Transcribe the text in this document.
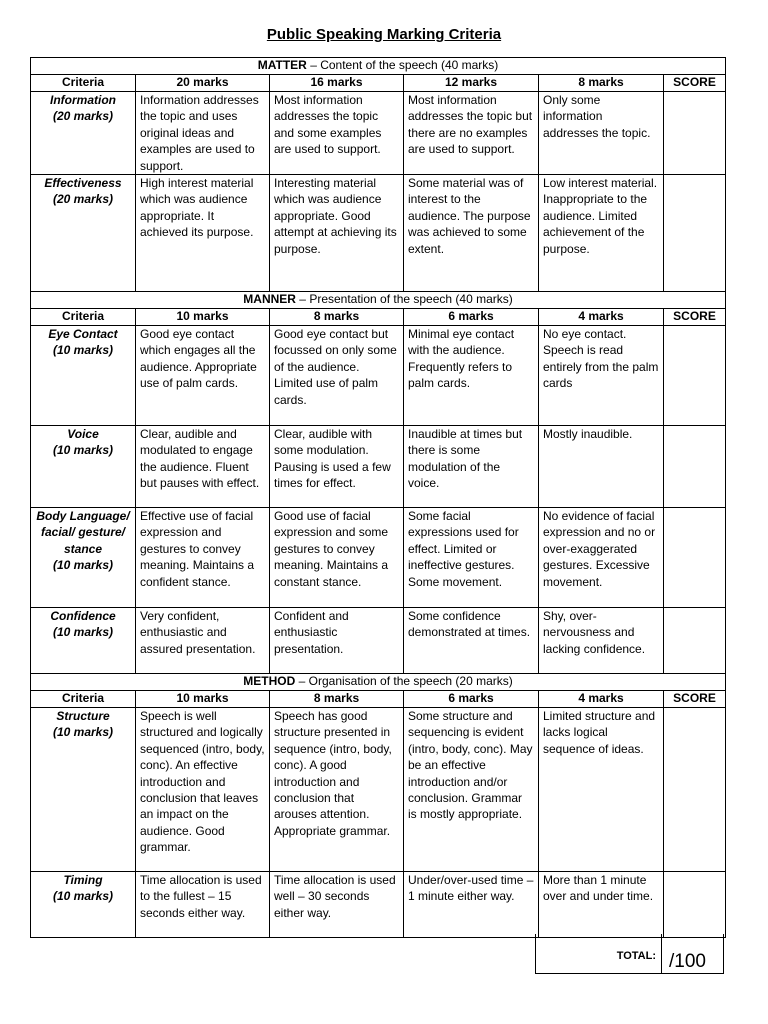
Public Speaking Marking Criteria
MATTER – Content of the speech (40 marks)					
Criteria	20 marks	16 marks	12 marks	8 marks	SCORE

Information
(20 marks)	Information addresses the topic and uses original ideas and examples are used to support.	Most information addresses the topic and some examples are used to support.	Most information addresses the topic but there are no examples are used to support.	Only some information addresses the topic.	

Effectiveness
(20 marks)	High interest material which was audience appropriate. It achieved its purpose.	Interesting material which was audience appropriate. Good attempt at achieving its purpose.	Some material was of interest to the audience. The purpose was achieved to some extent.	Low interest material. Inappropriate to the audience. Limited achievement of the purpose.	
MANNER – Presentation of the speech (40 marks)					
Criteria	10 marks	8 marks	6 marks	4 marks	SCORE

Eye Contact
(10 marks)	Good eye contact which engages all the audience. Appropriate use of palm cards.	Good eye contact but focussed on only some of the audience. Limited use of palm cards.	Minimal eye contact with the audience. Frequently refers to palm cards.	No eye contact. Speech is read entirely from the palm cards	

Voice
(10 marks)	Clear, audible and modulated to engage the audience. Fluent but pauses with effect.	Clear, audible with some modulation. Pausing is used a few times for effect.	Inaudible at times but there is some modulation of the voice.	Mostly inaudible.	

Body Language/ facial/ gesture/ stance
(10 marks)	Effective use of facial expression and gestures to convey meaning. Maintains a confident stance.	Good use of facial expression and some gestures to convey meaning. Maintains a constant stance.	Some facial expressions used for effect. Limited or ineffective gestures. Some movement.	No evidence of facial expression and no or over-exaggerated gestures. Excessive movement.	

Confidence
(10 marks)	Very confident, enthusiastic and assured presentation.	Confident and enthusiastic presentation.	Some confidence demonstrated at times.	Shy, over-nervousness and lacking confidence.	
METHOD – Organisation of the speech (20 marks)					
Criteria	10 marks	8 marks	6 marks	4 marks	SCORE

Structure
(10 marks)	Speech is well structured and logically sequenced (intro, body, conc). An effective introduction and conclusion that leaves an impact on the audience. Good grammar.	Speech has good structure presented in sequence (intro, body, conc). A good introduction and conclusion that arouses attention. Appropriate grammar.	Some structure and sequencing is evident (intro, body, conc). May be an effective introduction and/or conclusion. Grammar is mostly appropriate.	Limited structure and lacks logical sequence of ideas.	

Timing
(10 marks)	Time allocation is used to the fullest – 15 seconds either way.	Time allocation is used well – 30 seconds either way.	Under/over-used time – 1 minute either way.	More than 1 minute over and under time.	
TOTAL: /100
